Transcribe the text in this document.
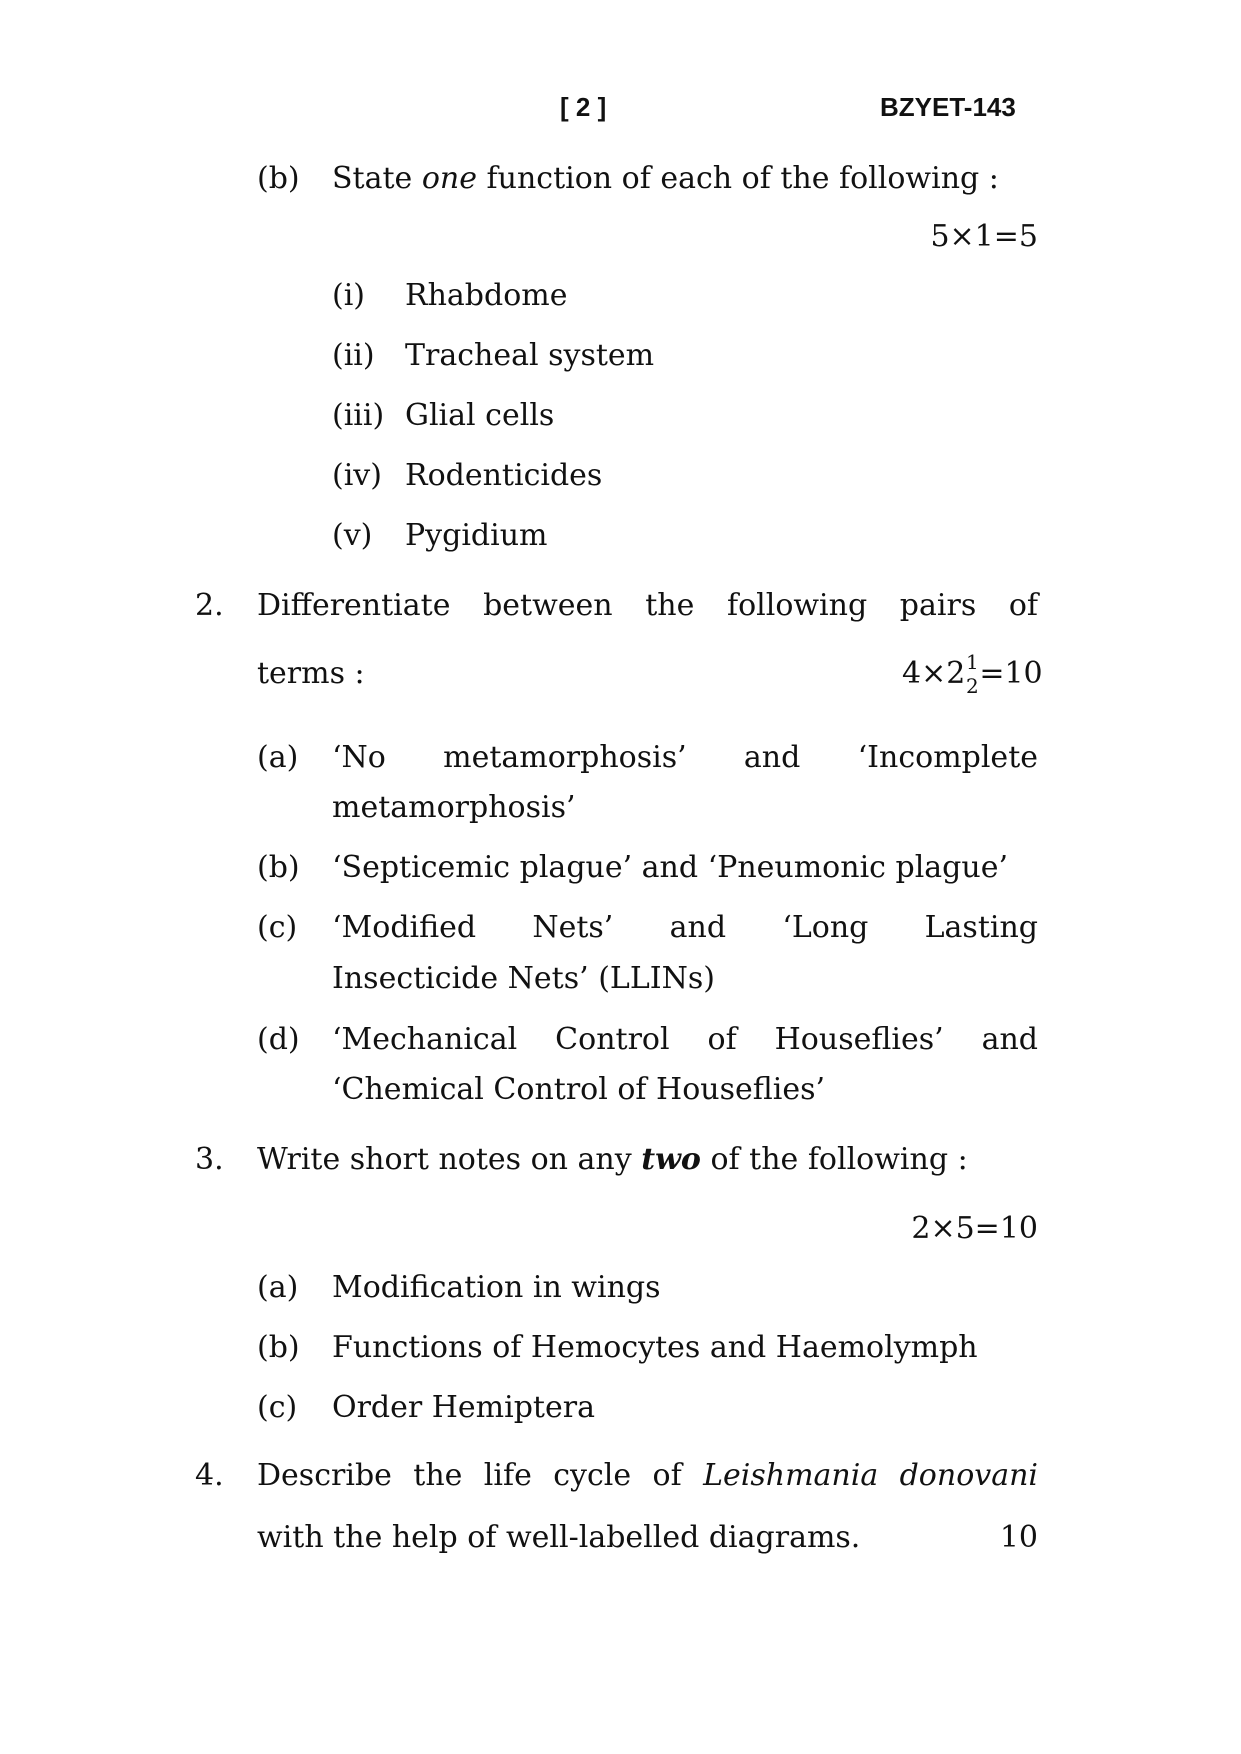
[ 2 ]	BZYET-143
(b) State one function of each of the following :
5×1=5
(i) Rhabdome
(ii) Tracheal system
(iii) Glial cells
(iv) Rodenticides
(v) Pygidium
2. Differentiate between the following pairs of
terms :	4×2 1
2 =10
(a) ‘No metamorphosis’ and ‘Incomplete
metamorphosis’
(b) ‘Septicemic plague’ and ‘Pneumonic plague’
(c) ‘Modified Nets’ and ‘Long Lasting
Insecticide Nets’ (LLINs)
(d) ‘Mechanical Control of Houseflies’ and
‘Chemical Control of Houseflies’
3. Write short notes on any two of the following :
2×5=10
(a) Modification in wings
(b) Functions of Hemocytes and Haemolymph
(c) Order Hemiptera
4. Describe the life cycle of Leishmania donovani
with the help of well-labelled diagrams.	10
